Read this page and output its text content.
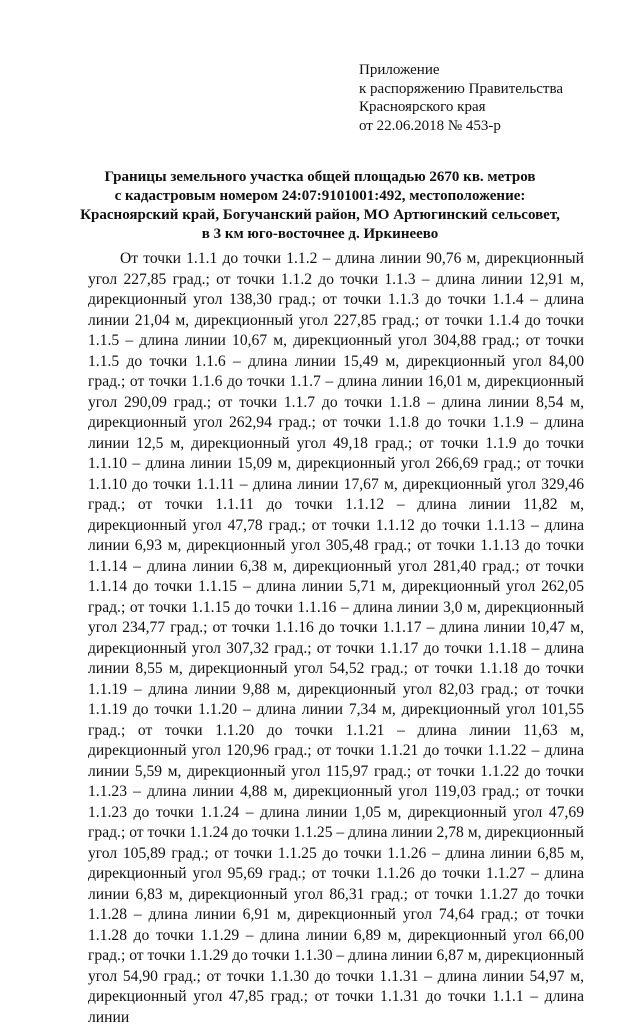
Приложение
к распоряжению Правительства
Красноярского края
от 22.06.2018 № 453-р
Границы земельного участка общей площадью 2670 кв. метров
с кадастровым номером 24:07:9101001:492, местоположение:
Красноярский край, Богучанский район, МО Артюгинский сельсовет,
в 3 км юго-восточнее д. Иркинеево

От точки 1.1.1 до точки 1.1.2 – длина линии 90,76 м, дирекционный угол 227,85 град.; от точки 1.1.2 до точки 1.1.3 – длина линии 12,91 м, дирекционный угол 138,30 град.; от точки 1.1.3 до точки 1.1.4 – длина линии 21,04 м, дирекционный угол 227,85 град.; от точки 1.1.4 до точки 1.1.5 – длина линии 10,67 м, дирекционный угол 304,88 град.; от точки 1.1.5 до точки 1.1.6 – длина линии 15,49 м, дирекционный угол 84,00 град.; от точки 1.1.6 до точки 1.1.7 – длина линии 16,01 м, дирекционный угол 290,09 град.; от точки 1.1.7 до точки 1.1.8 – длина линии 8,54 м, дирекционный угол 262,94 град.; от точки 1.1.8 до точки 1.1.9 – длина линии 12,5 м, дирекционный угол 49,18 град.; от точки 1.1.9 до точки 1.1.10 – длина линии 15,09 м, дирекционный угол 266,69 град.; от точки 1.1.10 до точки 1.1.11 – длина линии 17,67 м, дирекционный угол 329,46 град.; от точки 1.1.11 до точки 1.1.12 – длина линии 11,82 м, дирекционный угол 47,78 град.; от точки 1.1.12 до точки 1.1.13 – длина линии 6,93 м, дирекционный угол 305,48 град.; от точки 1.1.13 до точки 1.1.14 – длина линии 6,38 м, дирекционный угол 281,40 град.; от точки 1.1.14 до точки 1.1.15 – длина линии 5,71 м, дирекционный угол 262,05 град.; от точки 1.1.15 до точки 1.1.16 – длина линии 3,0 м, дирекционный угол 234,77 град.; от точки 1.1.16 до точки 1.1.17 – длина линии 10,47 м, дирекционный угол 307,32 град.; от точки 1.1.17 до точки 1.1.18 – длина линии 8,55 м, дирекционный угол 54,52 град.; от точки 1.1.18 до точки 1.1.19 – длина линии 9,88 м, дирекционный угол 82,03 град.; от точки 1.1.19 до точки 1.1.20 – длина линии 7,34 м, дирекционный угол 101,55 град.; от точки 1.1.20 до точки 1.1.21 – длина линии 11,63 м, дирекционный угол 120,96 град.; от точки 1.1.21 до точки 1.1.22 – длина линии 5,59 м, дирекционный угол 115,97 град.; от точки 1.1.22 до точки 1.1.23 – длина линии 4,88 м, дирекционный угол 119,03 град.; от точки 1.1.23 до точки 1.1.24 – длина линии 1,05 м, дирекционный угол 47,69 град.; от точки 1.1.24 до точки 1.1.25 – длина линии 2,78 м, дирекционный угол 105,89 град.; от точки 1.1.25 до точки 1.1.26 – длина линии 6,85 м, дирекционный угол 95,69 град.; от точки 1.1.26 до точки 1.1.27 – длина линии 6,83 м, дирекционный угол 86,31 град.; от точки 1.1.27 до точки 1.1.28 – длина линии 6,91 м, дирекционный угол 74,64 град.; от точки 1.1.28 до точки 1.1.29 – длина линии 6,89 м, дирекционный угол 66,00 град.; от точки 1.1.29 до точки 1.1.30 – длина линии 6,87 м, дирекционный угол 54,90 град.; от точки 1.1.30 до точки 1.1.31 – длина линии 54,97 м, дирекционный угол 47,85 град.; от точки 1.1.31 до точки 1.1.1 – длина линии
